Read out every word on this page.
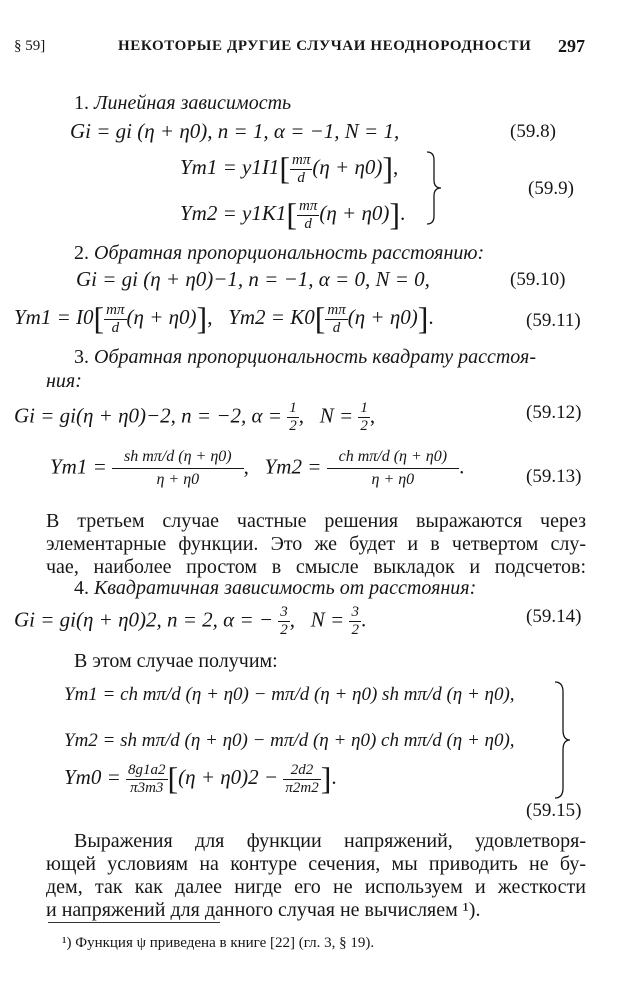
§ 59]	НЕКОТОРЫЕ ДРУГИЕ СЛУЧАИ НЕОДНОРОДНОСТИ 297
1. Линейная зависимость
Gi = gi (η + η0), n = 1, α = −1, N = 1,	(59.8)
$Ym1 = y1I1[ \frac{m\pi}{d} (\eta + \eta 0)]$,
$Ym2 = y1K1[ \frac{m\pi}{d} (\eta + \eta 0)]$.
(59.9)
2. Обратная пропорциональность расстоянию:
Gi = gi (η + η0)−1, n = −1, α = 0, N = 0,	(59.10)
$Ym1 = I0[ \frac{m\pi}{d} (\eta + \eta 0)]$,   $Ym2 = K0[ \frac{m\pi}{d} (\eta + \eta 0)]$.	(59.11)
3. Обратная пропорциональность квадрату расстоя-
ния:
Gi = gi(η + η0)−2, n = −2, $\alpha = \frac{1}{2}$ ,   $N = \frac{1}{2}$ ,	(59.12)
$Ym1 = \frac{\text{sh mπ/d (η + η0)}}{\eta + \eta 0}$ ,   $Ym2 = \frac{\text{ch mπ/d (η + η0)}}{\eta + \eta 0}$ .	(59.13)
В третьем случае частные решения выражаются через
элементарные функции. Это же будет и в четвертом слу-
чае, наиболее простом в смысле выкладок и подсчетов:
4. Квадратичная зависимость от расстояния:
Gi = gi(η + η0)2, n = 2, α = − $\frac{3}{2}$ ,   $N = \frac{3}{2}$ .	(59.14)
В этом случае получим:
Ym1 = ch mπ/d (η + η0) − mπ/d (η + η0) sh mπ/d (η + η0),
Ym2 = sh mπ/d (η + η0) − mπ/d (η + η0) ch mπ/d (η + η0),
$Ym0 = \frac{8g1a2}{\pi 3m3} [(\eta + \eta 0)2 - \frac{2d2}{\pi 2m2}$ ].
(59.15)
Выражения для функции напряжений, удовлетворя-
ющей условиям на контуре сечения, мы приводить не бу-
дем, так как далее нигде его не используем и жесткости
и напряжений для данного случая не вычисляем ¹).
¹) Функция ψ приведена в книге [22] (гл. 3, § 19).
